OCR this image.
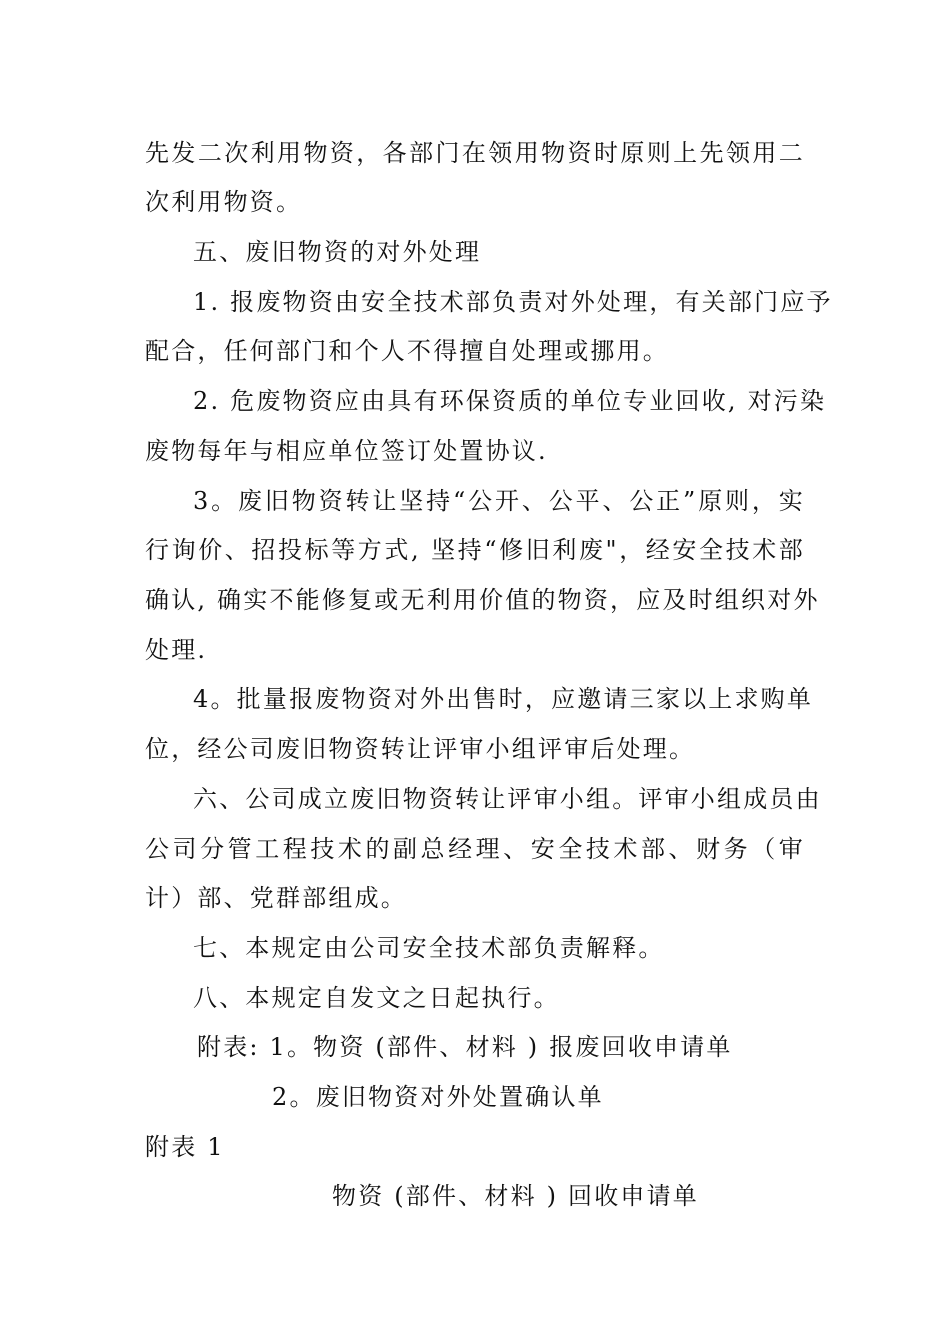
先发二次利用物资，各部门在领用物资时原则上先领用二
次利用物资。
五、废旧物资的对外处理
1. 报废物资由安全技术部负责对外处理，有关部门应予
配合，任何部门和个人不得擅自处理或挪用。
2. 危废物资应由具有环保资质的单位专业回收, 对污染
废物每年与相应单位签订处置协议.
3。废旧物资转让坚持“公开、公平、公正”原则，实
行询价、招投标等方式, 坚持“修旧利废"，经安全技术部
确认, 确实不能修复或无利用价值的物资，应及时组织对外
处理.
4。批量报废物资对外出售时，应邀请三家以上求购单
位，经公司废旧物资转让评审小组评审后处理。
六、公司成立废旧物资转让评审小组。评审小组成员由
公司分管工程技术的副总经理、安全技术部、财务（审
计）部、党群部组成。
七、本规定由公司安全技术部负责解释。
八、本规定自发文之日起执行。
附表: 1。物资 (部件、材料 ) 报废回收申请单
2。废旧物资对外处置确认单
附表 1
物资 (部件、材料 ) 回收申请单
